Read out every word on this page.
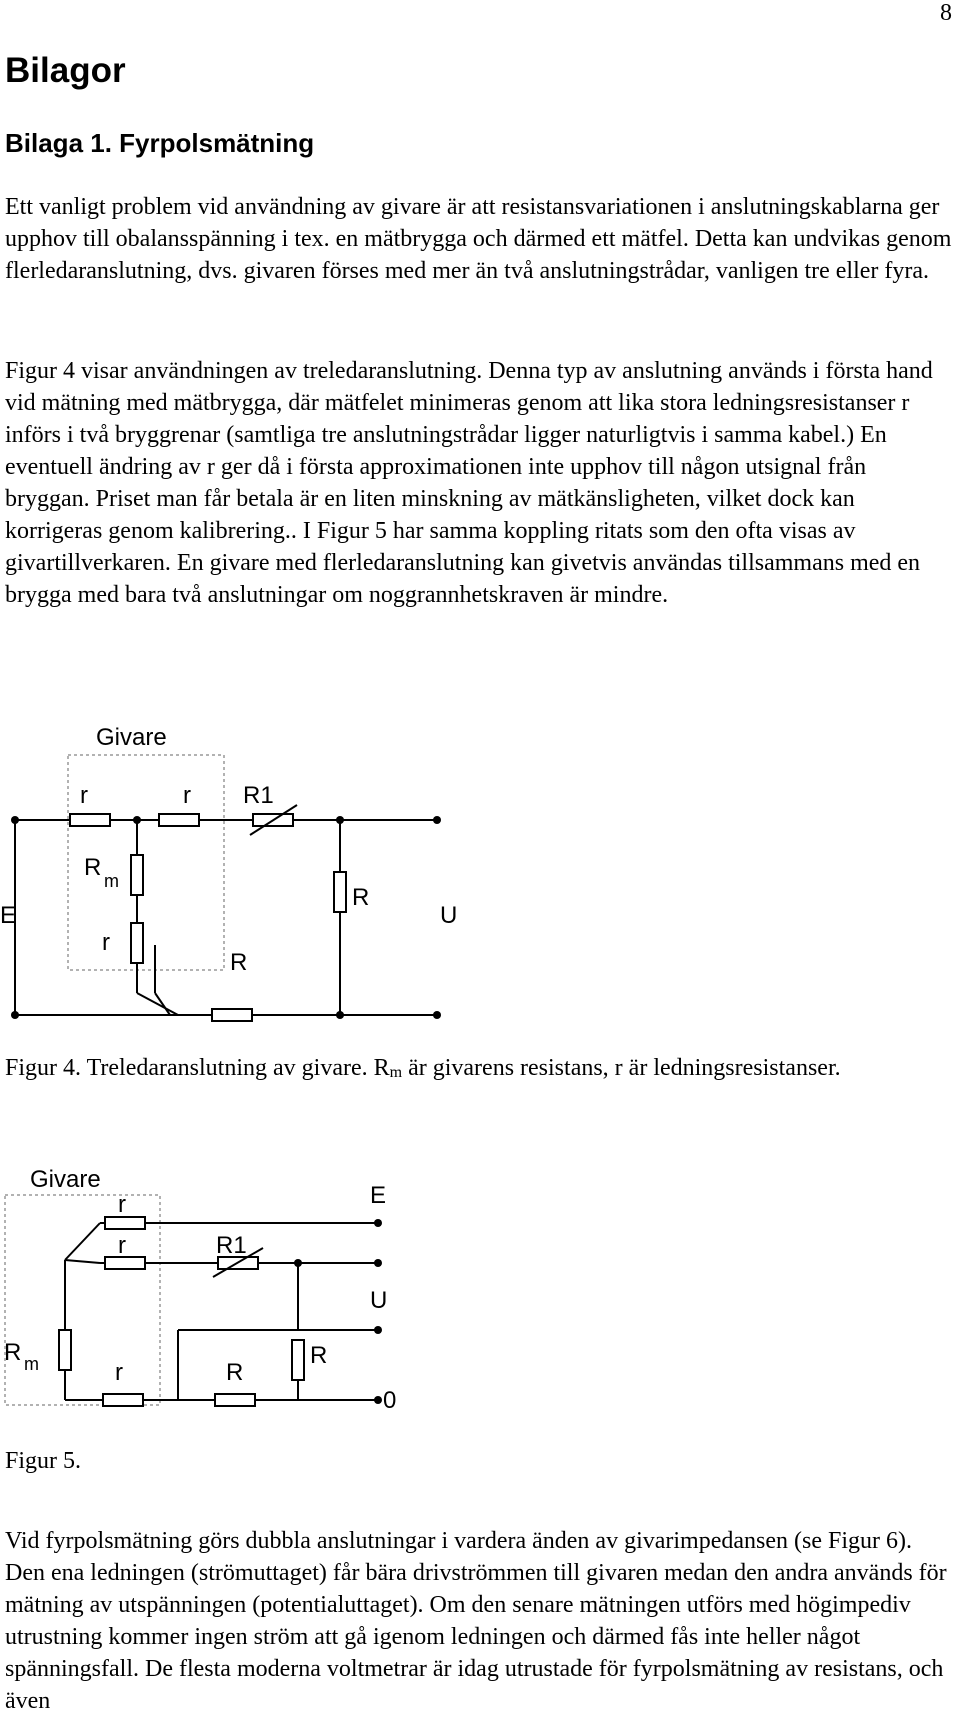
8
Bilagor
Bilaga 1. Fyrpolsmätning

Ett vanligt problem vid användning av givare är att resistansvariationen i anslutningskablarna ger upphov till obalansspänning i tex. en mätbrygga och därmed ett mätfel. Detta kan undvikas genom flerledaranslutning, dvs. givaren förses med mer än två anslutningstrådar, vanligen tre eller fyra.

Figur 4 visar användningen av treledaranslutning. Denna typ av anslutning används i första hand vid mätning med mätbrygga, där mätfelet minimeras genom att lika stora ledningsresistanser r införs i två bryggrenar (samtliga tre anslutningstrådar ligger naturligtvis i samma kabel.) En eventuell ändring av r ger då i första approximationen inte upphov till någon utsignal från bryggan. Priset man får betala är en liten minskning av mätkänsligheten, vilket dock kan korrigeras genom kalibrering.. I Figur 5 har samma koppling ritats som den ofta visas av givartillverkaren. En givare med flerledaranslutning kan givetvis användas tillsammans med en brygga med bara två anslutningar om noggrannhetskraven är mindre.

Givare
r	r R1
R m
r
E
R
R
U

Figur 4. Treledaranslutning av givare. $R_m$ är givarens resistans, r är ledningsresistanser.

Givare
r
r	R1
E
U
R m	r	R
R
0

Figur 5.

Vid fyrpolsmätning görs dubbla anslutningar i vardera änden av givarimpedansen (se Figur 6). Den ena ledningen (strömuttaget) får bära drivströmmen till givaren medan den andra används för mätning av utspänningen (potentialuttaget). Om den senare mätningen utförs med högimpediv utrustning kommer ingen ström att gå igenom ledningen och därmed fås inte heller något spänningsfall. De flesta moderna voltmetrar är idag utrustade för fyrpolsmätning av resistans, och även
